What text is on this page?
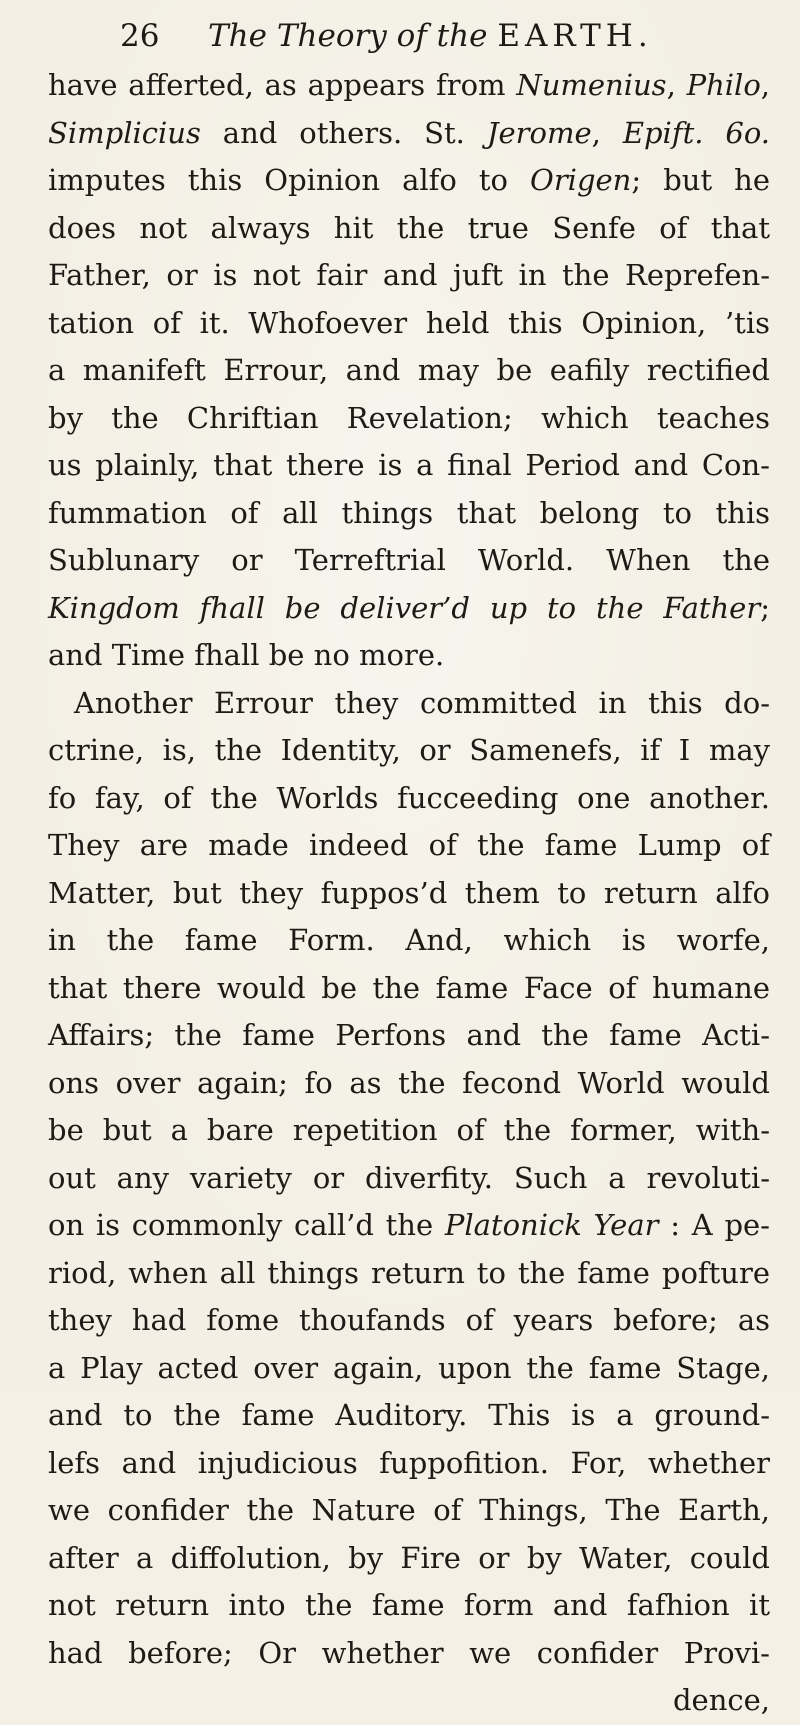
26 The Theory of the EARTH.
have afferted, as appears from Numenius, Philo,
Simplicius and others. St. Jerome, Epift. 6o.
imputes this Opinion alfo to Origen; but he
does not always hit the true Senfe of that
Father, or is not fair and juft in the Reprefen-
tation of it. Whofoever held this Opinion, ’tis
a manifeft Errour, and may be eafily rectified
by the Chriftian Revelation; which teaches
us plainly, that there is a final Period and Con-
fummation of all things that belong to this
Sublunary or Terreftrial World. When the
Kingdom fhall be deliver’d up to the Father;
and Time fhall be no more.
Another Errour they committed in this do-
ctrine, is, the Identity, or Samenefs, if I may
fo fay, of the Worlds fucceeding one another.
They are made indeed of the fame Lump of
Matter, but they fuppos’d them to return alfo
in the fame Form. And, which is worfe,
that there would be the fame Face of humane
Affairs; the fame Perfons and the fame Acti-
ons over again; fo as the fecond World would
be but a bare repetition of the former, with-
out any variety or diverfity. Such a revoluti-
on is commonly call’d the Platonick Year : A pe-
riod, when all things return to the fame pofture
they had fome thoufands of years before; as
a Play acted over again, upon the fame Stage,
and to the fame Auditory. This is a ground-
lefs and injudicious fuppofition. For, whether
we confider the Nature of Things, The Earth,
after a diffolution, by Fire or by Water, could
not return into the fame form and fafhion it
had before; Or whether we confider Provi-
dence,
